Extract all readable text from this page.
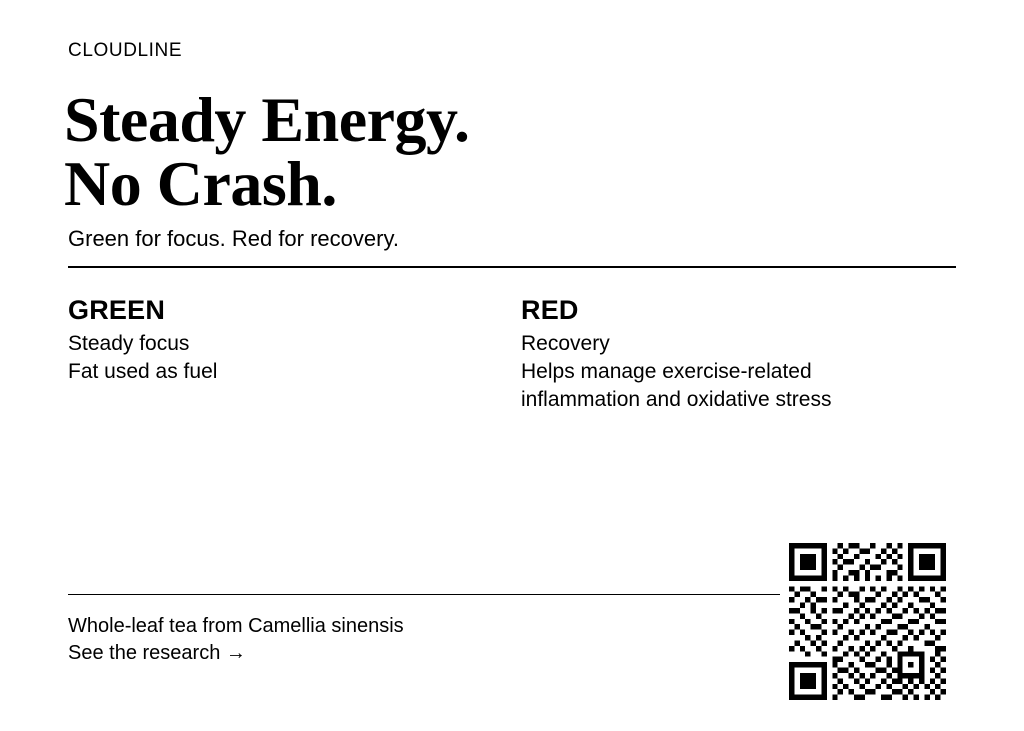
CLOUDLINE
Steady Energy.
No Crash.
Green for focus. Red for recovery.
GREEN

Steady focus

Fat used as fuel

RED

Recovery

Helps manage exercise-related

inflammation and oxidative stress

Whole-leaf tea from Camellia sinensis
See the research →
